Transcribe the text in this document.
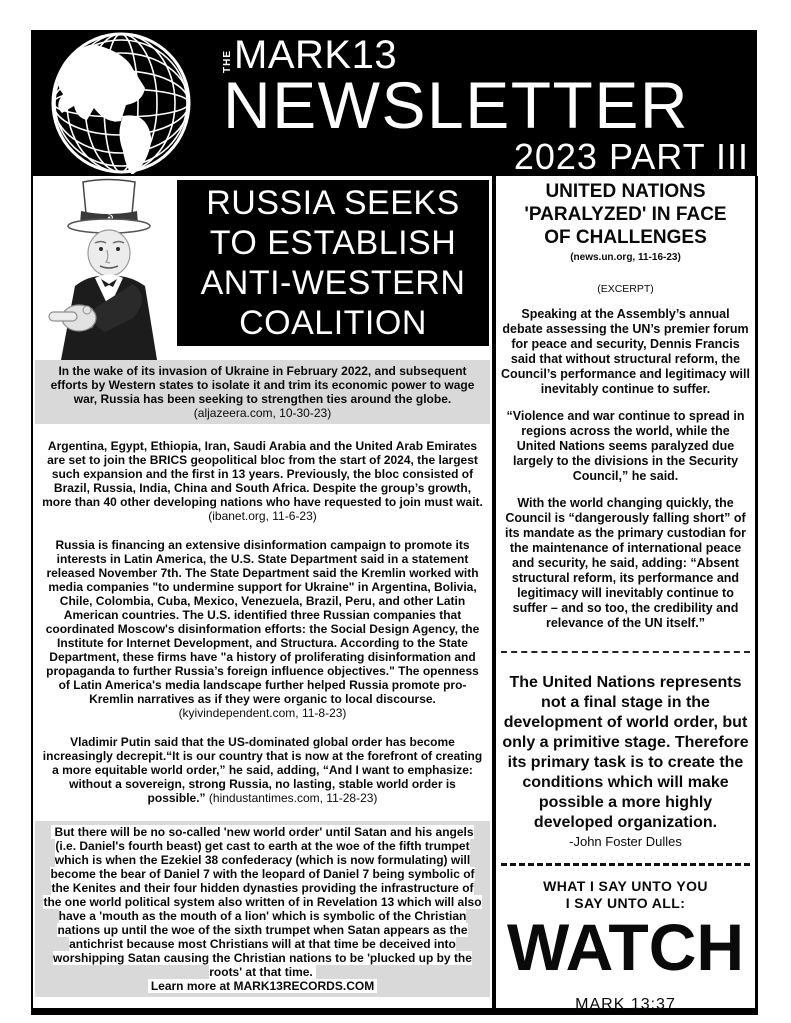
THE MARK13
NEWSLETTER
2023 PART III
RUSSIA SEEKS
TO ESTABLISH
ANTI-WESTERN
COALITION
In the wake of its invasion of Ukraine in February 2022, and subsequent efforts by Western states to isolate it and trim its economic power to wage war, Russia has been seeking to strengthen ties around the globe. (aljazeera.com, 10-30-23)
Argentina, Egypt, Ethiopia, Iran, Saudi Arabia and the United Arab Emirates are set to join the BRICS geopolitical bloc from the start of 2024, the largest such expansion and the first in 13 years. Previously, the bloc consisted of Brazil, Russia, India, China and South Africa. Despite the group’s growth, more than 40 other developing nations who have requested to join must wait.
(ibanet.org, 11-6-23)
Russia is financing an extensive disinformation campaign to promote its interests in Latin America, the U.S. State Department said in a statement released November 7th. The State Department said the Kremlin worked with media companies "to undermine support for Ukraine" in Argentina, Bolivia, Chile, Colombia, Cuba, Mexico, Venezuela, Brazil, Peru, and other Latin American countries. The U.S. identified three Russian companies that coordinated Moscow's disinformation efforts: the Social Design Agency, the Institute for Internet Development, and Structura. According to the State Department, these firms have "a history of proliferating disinformation and propaganda to further Russia’s foreign influence objectives." The openness of Latin America's media landscape further helped Russia promote pro-Kremlin narratives as if they were organic to local discourse.
(kyivindependent.com, 11-8-23)
Vladimir Putin said that the US-dominated global order has become increasingly decrepit.“It is our country that is now at the forefront of creating a more equitable world order,” he said, adding, “And I want to emphasize: without a sovereign, strong Russia, no lasting, stable world order is possible.” (hindustantimes.com, 11-28-23)
But there will be no so-called 'new world order' until Satan and his angels (i.e. Daniel's fourth beast) get cast to earth at the woe of the fifth trumpet which is when the Ezekiel 38 confederacy (which is now formulating) will become the bear of Daniel 7 with the leopard of Daniel 7 being symbolic of the Kenites and their four hidden dynasties providing the infrastructure of the one world political system also written of in Revelation 13 which will also have a 'mouth as the mouth of a lion' which is symbolic of the Christian nations up until the woe of the sixth trumpet when Satan appears as the antichrist because most Christians will at that time be deceived into worshipping Satan causing the Christian nations to be 'plucked up by the roots' at that time.
Learn more at MARK13RECORDS.COM
UNITED NATIONS
'PARALYZED' IN FACE
OF CHALLENGES
(news.un.org, 11-16-23)
(EXCERPT)
Speaking at the Assembly’s annual debate assessing the UN’s premier forum for peace and security, Dennis Francis said that without structural reform, the Council’s performance and legitimacy will inevitably continue to suffer.
“Violence and war continue to spread in regions across the world, while the United Nations seems paralyzed due largely to the divisions in the Security Council,” he said.
With the world changing quickly, the Council is “dangerously falling short” of its mandate as the primary custodian for the maintenance of international peace and security, he said, adding: “Absent structural reform, its performance and legitimacy will inevitably continue to suffer – and so too, the credibility and relevance of the UN itself.”
The United Nations represents not a final stage in the development of world order, but only a primitive stage. Therefore its primary task is to create the conditions which will make possible a more highly developed organization.
-John Foster Dulles
WHAT I SAY UNTO YOU
I SAY UNTO ALL:
WATCH
MARK 13:37
